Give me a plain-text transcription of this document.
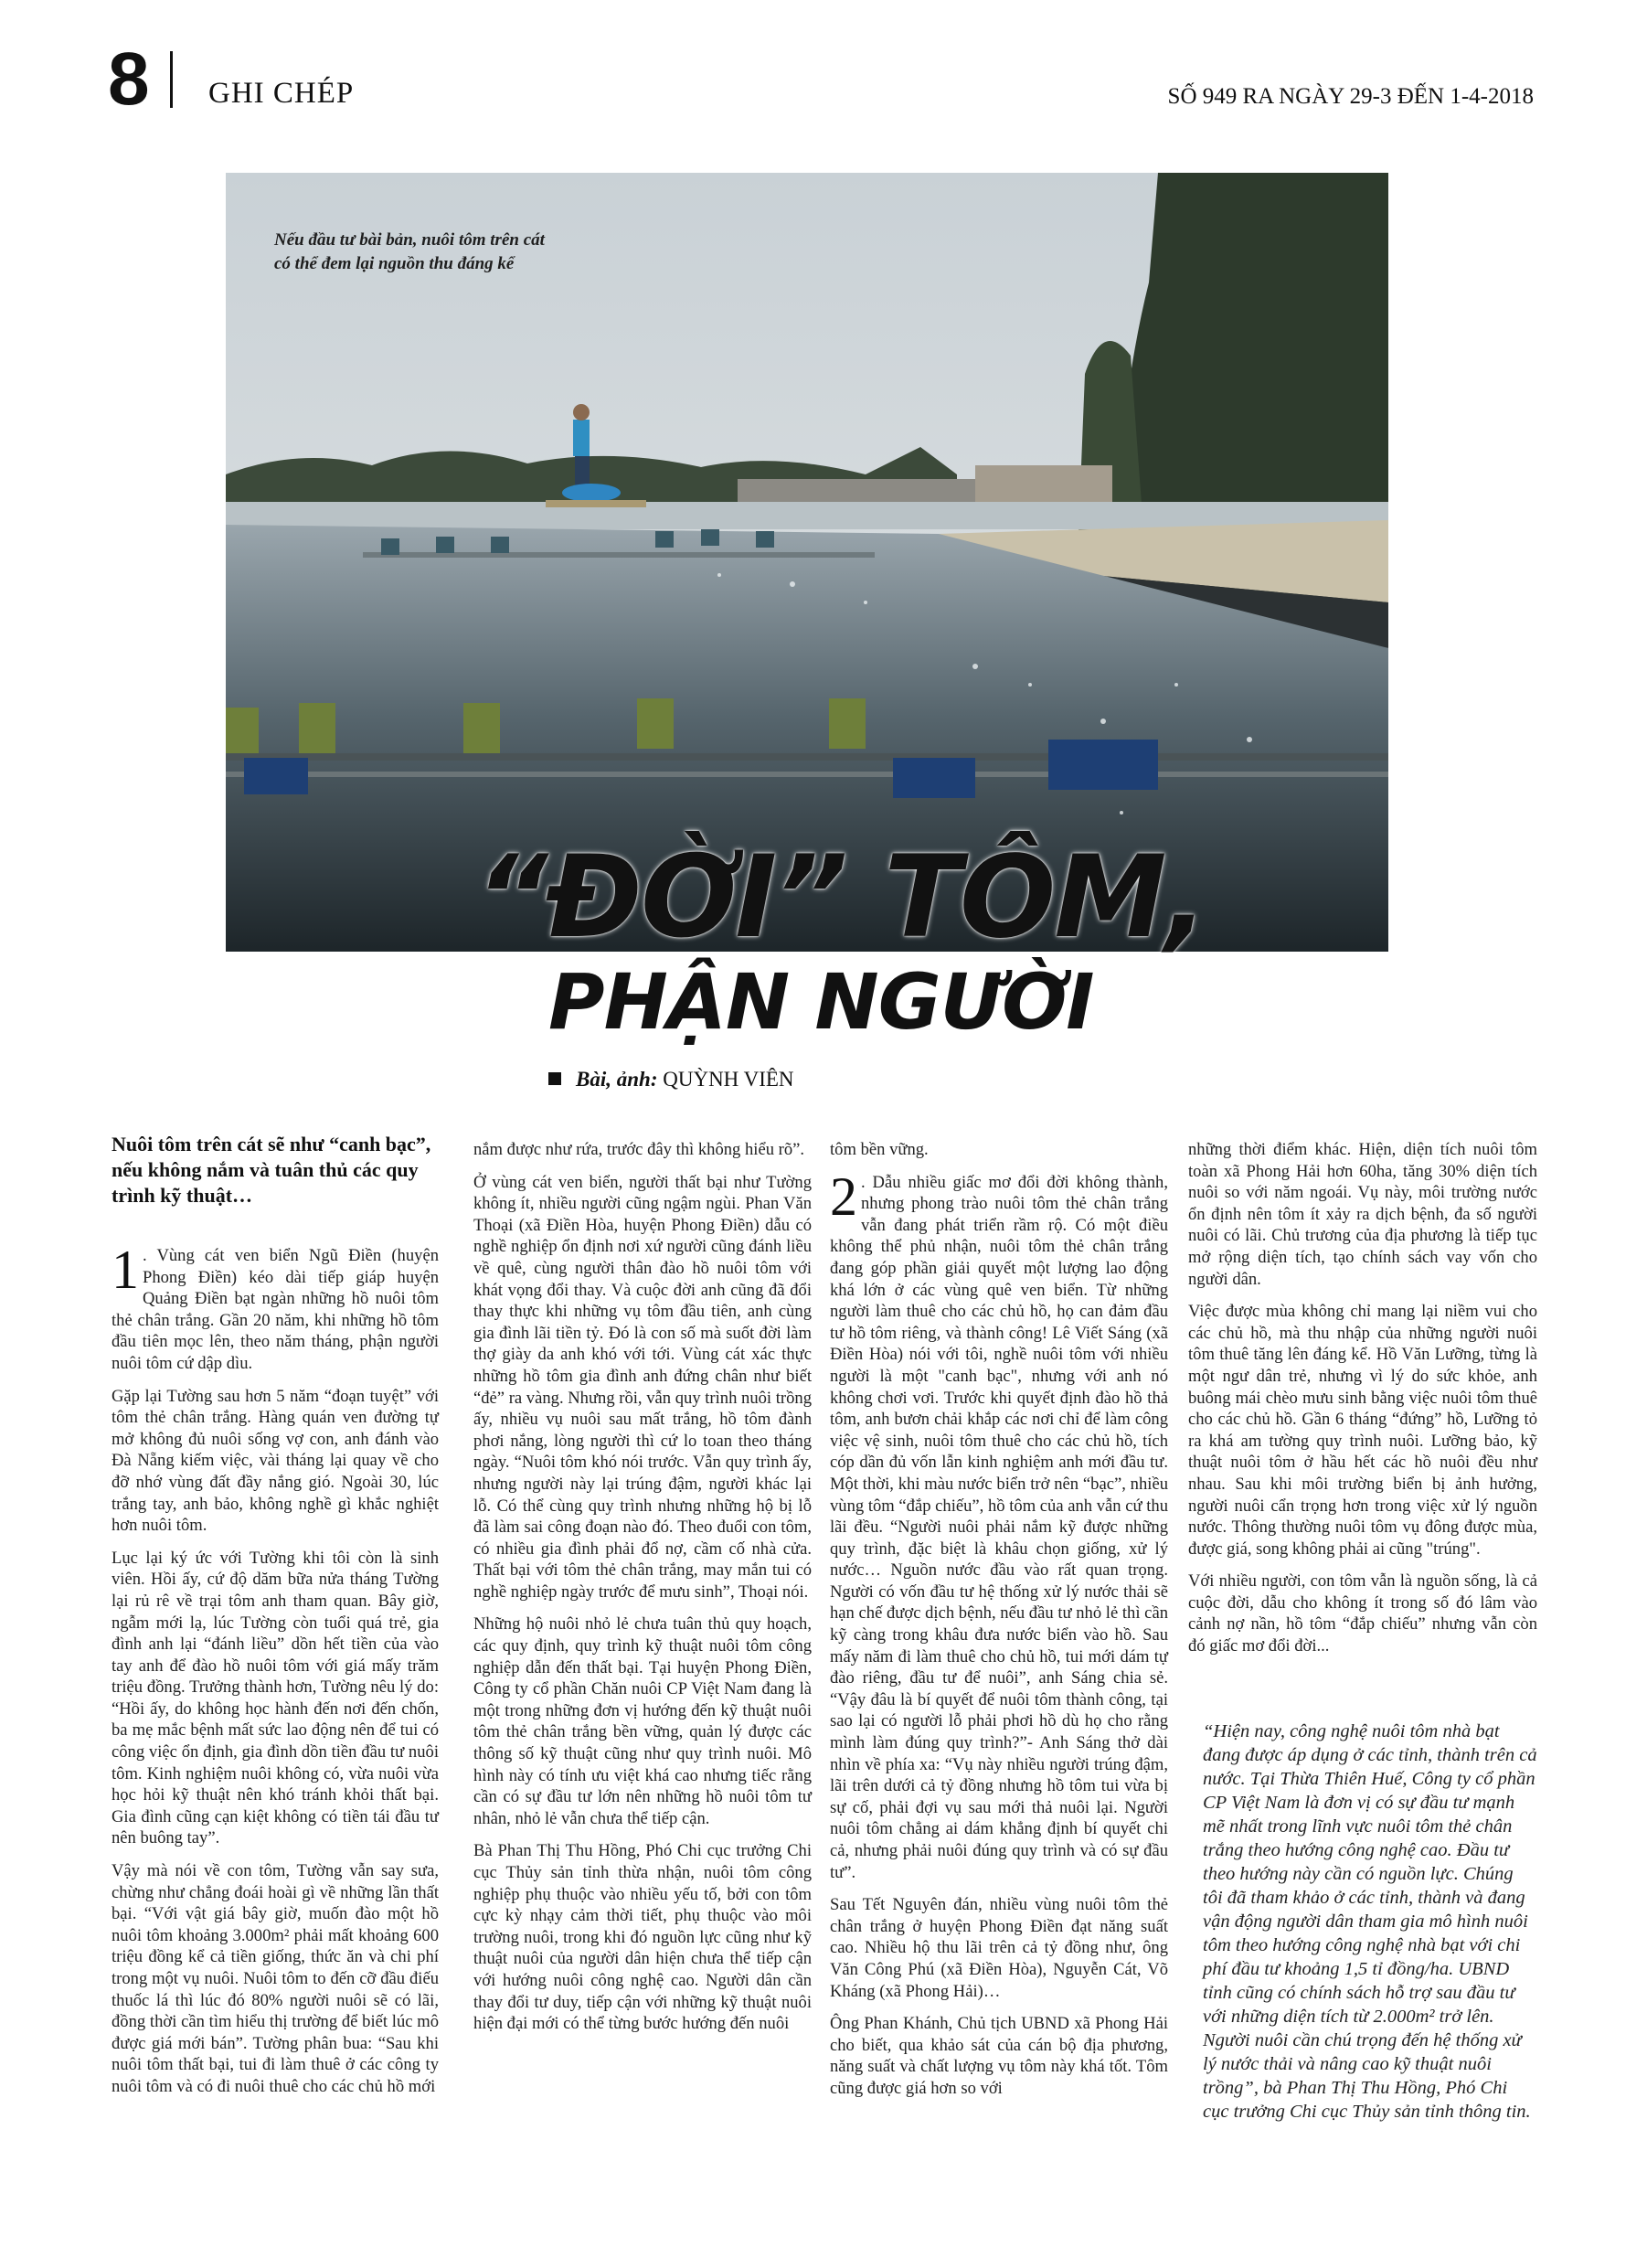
8 GHI CHÉP	SỐ 949 RA NGÀY 29-3 ĐẾN 1-4-2018
Nếu đầu tư bài bản, nuôi tôm trên cát
có thể đem lại nguồn thu đáng kể
“ĐỜI” TÔM,
PHẬN NGƯỜI
Bài, ảnh: QUỲNH VIÊN

Nuôi tôm trên cát sẽ như “canh bạc”, nếu không nắm và tuân thủ các quy trình kỹ thuật…

1 . Vùng cát ven biển Ngũ Điền (huyện Phong Điền) kéo dài tiếp giáp huyện Quảng Điền bạt ngàn những hồ nuôi tôm thẻ chân trắng. Gần 20 năm, khi những hồ tôm đầu tiên mọc lên, theo năm tháng, phận người nuôi tôm cứ dập dìu.

Gặp lại Tường sau hơn 5 năm “đoạn tuyệt” với tôm thẻ chân trắng. Hàng quán ven đường tự mở không đủ nuôi sống vợ con, anh đánh vào Đà Nẵng kiếm việc, vài tháng lại quay về cho đỡ nhớ vùng đất đầy nắng gió. Ngoài 30, lúc trắng tay, anh bảo, không nghề gì khắc nghiệt hơn nuôi tôm.

Lục lại ký ức với Tường khi tôi còn là sinh viên. Hồi ấy, cứ độ dăm bữa nửa tháng Tường lại rủ rê về trại tôm anh tham quan. Bây giờ, ngẫm mới lạ, lúc Tường còn tuổi quá trẻ, gia đình anh lại “đánh liều” dồn hết tiền của vào tay anh để đào hồ nuôi tôm với giá mấy trăm triệu đồng. Trưởng thành hơn, Tường nêu lý do: “Hồi ấy, do không học hành đến nơi đến chốn, ba mẹ mắc bệnh mất sức lao động nên để tui có công việc ổn định, gia đình dồn tiền đầu tư nuôi tôm. Kinh nghiệm nuôi không có, vừa nuôi vừa học hỏi kỹ thuật nên khó tránh khỏi thất bại. Gia đình cũng cạn kiệt không có tiền tái đầu tư nên buông tay”.

Vậy mà nói về con tôm, Tường vẫn say sưa, chừng như chẳng đoái hoài gì về những lần thất bại. “Với vật giá bây giờ, muốn đào một hồ nuôi tôm khoảng 3.000m² phải mất khoảng 600 triệu đồng kể cả tiền giống, thức ăn và chi phí trong một vụ nuôi. Nuôi tôm to đến cỡ đầu điếu thuốc lá thì lúc đó 80% người nuôi sẽ có lãi, đồng thời cần tìm hiểu thị trường để biết lúc mô được giá mới bán”. Tường phân bua: “Sau khi nuôi tôm thất bại, tui đi làm thuê ở các công ty nuôi tôm và có đi nuôi thuê cho các chủ hồ mới

nắm được như rứa, trước đây thì không hiểu rõ”.

Ở vùng cát ven biển, người thất bại như Tường không ít, nhiều người cũng ngậm ngùi. Phan Văn Thoại (xã Điền Hòa, huyện Phong Điền) dẫu có nghề nghiệp ổn định nơi xứ người cũng đánh liều về quê, cùng người thân đào hồ nuôi tôm với khát vọng đổi thay. Và cuộc đời anh cũng đã đổi thay thực khi những vụ tôm đầu tiên, anh cùng gia đình lãi tiền tỷ. Đó là con số mà suốt đời làm thợ giày da anh khó với tới. Vùng cát xác thực những hồ tôm gia đình anh đứng chân như biết “đẻ” ra vàng. Nhưng rồi, vẫn quy trình nuôi trồng ấy, nhiều vụ nuôi sau mất trắng, hồ tôm đành phơi nắng, lòng người thì cứ lo toan theo tháng ngày. “Nuôi tôm khó nói trước. Vẫn quy trình ấy, nhưng người này lại trúng đậm, người khác lại lỗ. Có thể cùng quy trình nhưng những hộ bị lỗ đã làm sai công đoạn nào đó. Theo đuổi con tôm, có nhiều gia đình phải đổ nợ, cầm cố nhà cửa. Thất bại với tôm thẻ chân trắng, may mắn tui có nghề nghiệp ngày trước để mưu sinh”, Thoại nói.

Những hộ nuôi nhỏ lẻ chưa tuân thủ quy hoạch, các quy định, quy trình kỹ thuật nuôi tôm công nghiệp dẫn đến thất bại. Tại huyện Phong Điền, Công ty cổ phần Chăn nuôi CP Việt Nam đang là một trong những đơn vị hướng đến kỹ thuật nuôi tôm thẻ chân trắng bền vững, quản lý được các thông số kỹ thuật cũng như quy trình nuôi. Mô hình này có tính ưu việt khá cao nhưng tiếc rằng cần có sự đầu tư lớn nên những hồ nuôi tôm tư nhân, nhỏ lẻ vẫn chưa thể tiếp cận.

Bà Phan Thị Thu Hồng, Phó Chi cục trưởng Chi cục Thủy sản tỉnh thừa nhận, nuôi tôm công nghiệp phụ thuộc vào nhiều yếu tố, bởi con tôm cực kỳ nhạy cảm thời tiết, phụ thuộc vào môi trường nuôi, trong khi đó nguồn lực cũng như kỹ thuật nuôi của người dân hiện chưa thể tiếp cận với hướng nuôi công nghệ cao. Người dân cần thay đổi tư duy, tiếp cận với những kỹ thuật nuôi hiện đại mới có thể từng bước hướng đến nuôi

tôm bền vững.

2 . Dẫu nhiều giấc mơ đổi đời không thành, nhưng phong trào nuôi tôm thẻ chân trắng vẫn đang phát triển rầm rộ. Có một điều không thể phủ nhận, nuôi tôm thẻ chân trắng đang góp phần giải quyết một lượng lao động khá lớn ở các vùng quê ven biển. Từ những người làm thuê cho các chủ hồ, họ can đảm đầu tư hồ tôm riêng, và thành công! Lê Viết Sáng (xã Điền Hòa) nói với tôi, nghề nuôi tôm với nhiều người là một "canh bạc", nhưng với anh nó không chơi vơi. Trước khi quyết định đào hồ thả tôm, anh bươn chải khắp các nơi chỉ để làm công việc vệ sinh, nuôi tôm thuê cho các chủ hồ, tích cóp dần đủ vốn lẫn kinh nghiệm anh mới đầu tư. Một thời, khi màu nước biển trở nên “bạc”, nhiều vùng tôm “đắp chiếu”, hồ tôm của anh vẫn cứ thu lãi đều. “Người nuôi phải nắm kỹ được những quy trình, đặc biệt là khâu chọn giống, xử lý nước… Nguồn nước đầu vào rất quan trọng. Người có vốn đầu tư hệ thống xử lý nước thải sẽ hạn chế được dịch bệnh, nếu đầu tư nhỏ lẻ thì cần kỹ càng trong khâu đưa nước biển vào hồ. Sau mấy năm đi làm thuê cho chủ hồ, tui mới dám tự đào riêng, đầu tư để nuôi”, anh Sáng chia sẻ. “Vậy đâu là bí quyết để nuôi tôm thành công, tại sao lại có người lỗ phải phơi hồ dù họ cho rằng mình làm đúng quy trình?”- Anh Sáng thở dài nhìn về phía xa: “Vụ này nhiều người trúng đậm, lãi trên dưới cả tỷ đồng nhưng hồ tôm tui vừa bị sự cố, phải đợi vụ sau mới thả nuôi lại. Người nuôi tôm chẳng ai dám khẳng định bí quyết chi cả, nhưng phải nuôi đúng quy trình và có sự đầu tư”.

Sau Tết Nguyên đán, nhiều vùng nuôi tôm thẻ chân trắng ở huyện Phong Điền đạt năng suất cao. Nhiều hộ thu lãi trên cả tỷ đồng như, ông Văn Công Phú (xã Điền Hòa), Nguyễn Cát, Võ Kháng (xã Phong Hải)…

Ông Phan Khánh, Chủ tịch UBND xã Phong Hải cho biết, qua khảo sát của cán bộ địa phương, năng suất và chất lượng vụ tôm này khá tốt. Tôm cũng được giá hơn so với

những thời điểm khác. Hiện, diện tích nuôi tôm toàn xã Phong Hải hơn 60ha, tăng 30% diện tích nuôi so với năm ngoái. Vụ này, môi trường nước ổn định nên tôm ít xảy ra dịch bệnh, đa số người nuôi có lãi. Chủ trương của địa phương là tiếp tục mở rộng diện tích, tạo chính sách vay vốn cho người dân.

Việc được mùa không chỉ mang lại niềm vui cho các chủ hồ, mà thu nhập của những người nuôi tôm thuê tăng lên đáng kể. Hồ Văn Lưỡng, từng là một ngư dân trẻ, nhưng vì lý do sức khỏe, anh buông mái chèo mưu sinh bằng việc nuôi tôm thuê cho các chủ hồ. Gần 6 tháng “đứng” hồ, Lưỡng tỏ ra khá am tường quy trình nuôi. Lưỡng bảo, kỹ thuật nuôi tôm ở hầu hết các hồ nuôi đều như nhau. Sau khi môi trường biển bị ảnh hưởng, người nuôi cẩn trọng hơn trong việc xử lý nguồn nước. Thông thường nuôi tôm vụ đông được mùa, được giá, song không phải ai cũng "trúng".

Với nhiều người, con tôm vẫn là nguồn sống, là cả cuộc đời, dẫu cho không ít trong số đó lâm vào cảnh nợ nần, hồ tôm “đắp chiếu” nhưng vẫn còn đó giấc mơ đổi đời...

“Hiện nay, công nghệ nuôi tôm nhà bạt đang được áp dụng ở các tỉnh, thành trên cả nước. Tại Thừa Thiên Huế, Công ty cổ phần CP Việt Nam là đơn vị có sự đầu tư mạnh mẽ nhất trong lĩnh vực nuôi tôm thẻ chân trắng theo hướng công nghệ cao. Đầu tư theo hướng này cần có nguồn lực. Chúng tôi đã tham khảo ở các tỉnh, thành và đang vận động người dân tham gia mô hình nuôi tôm theo hướng công nghệ nhà bạt với chi phí đầu tư khoảng 1,5 tỉ đồng/ha. UBND tỉnh cũng có chính sách hỗ trợ sau đầu tư với những diện tích từ 2.000m² trở lên. Người nuôi cần chú trọng đến hệ thống xử lý nước thải và nâng cao kỹ thuật nuôi trồng”, bà Phan Thị Thu Hồng, Phó Chi cục trưởng Chi cục Thủy sản tỉnh thông tin.
